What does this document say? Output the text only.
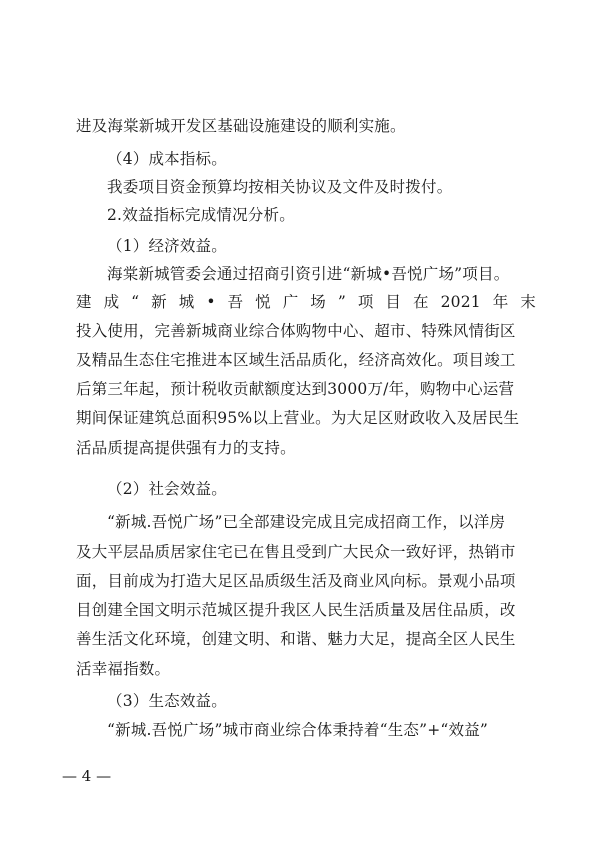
进及海棠新城开发区基础设施建设的顺利实施。
（4）成本指标。
我委项目资金预算均按相关协议及文件及时拨付。
2.效益指标完成情况分析。
（1）经济效益。
海棠新城管委会通过招商引资引进“新城•吾悦广场”项目。
建 成 “ 新 城 • 吾 悦 广 场 ” 项 目 在 2021 年 末
投入使用，完善新城商业综合体购物中心、超市、特殊风情街区
及精品生态住宅推进本区域生活品质化，经济高效化。项目竣工
后第三年起，预计税收贡献额度达到3000万/年，购物中心运营
期间保证建筑总面积95%以上营业。为大足区财政收入及居民生
活品质提高提供强有力的支持。
（2）社会效益。
“新城.吾悦广场”已全部建设完成且完成招商工作，以洋房
及大平层品质居家住宅已在售且受到广大民众一致好评，热销市
面，目前成为打造大足区品质级生活及商业风向标。景观小品项
目创建全国文明示范城区提升我区人民生活质量及居住品质，改
善生活文化环境，创建文明、和谐、魅力大足，提高全区人民生
活幸福指数。
（3）生态效益。
“新城.吾悦广场”城市商业综合体秉持着“生态”+“效益”
— 4 —
